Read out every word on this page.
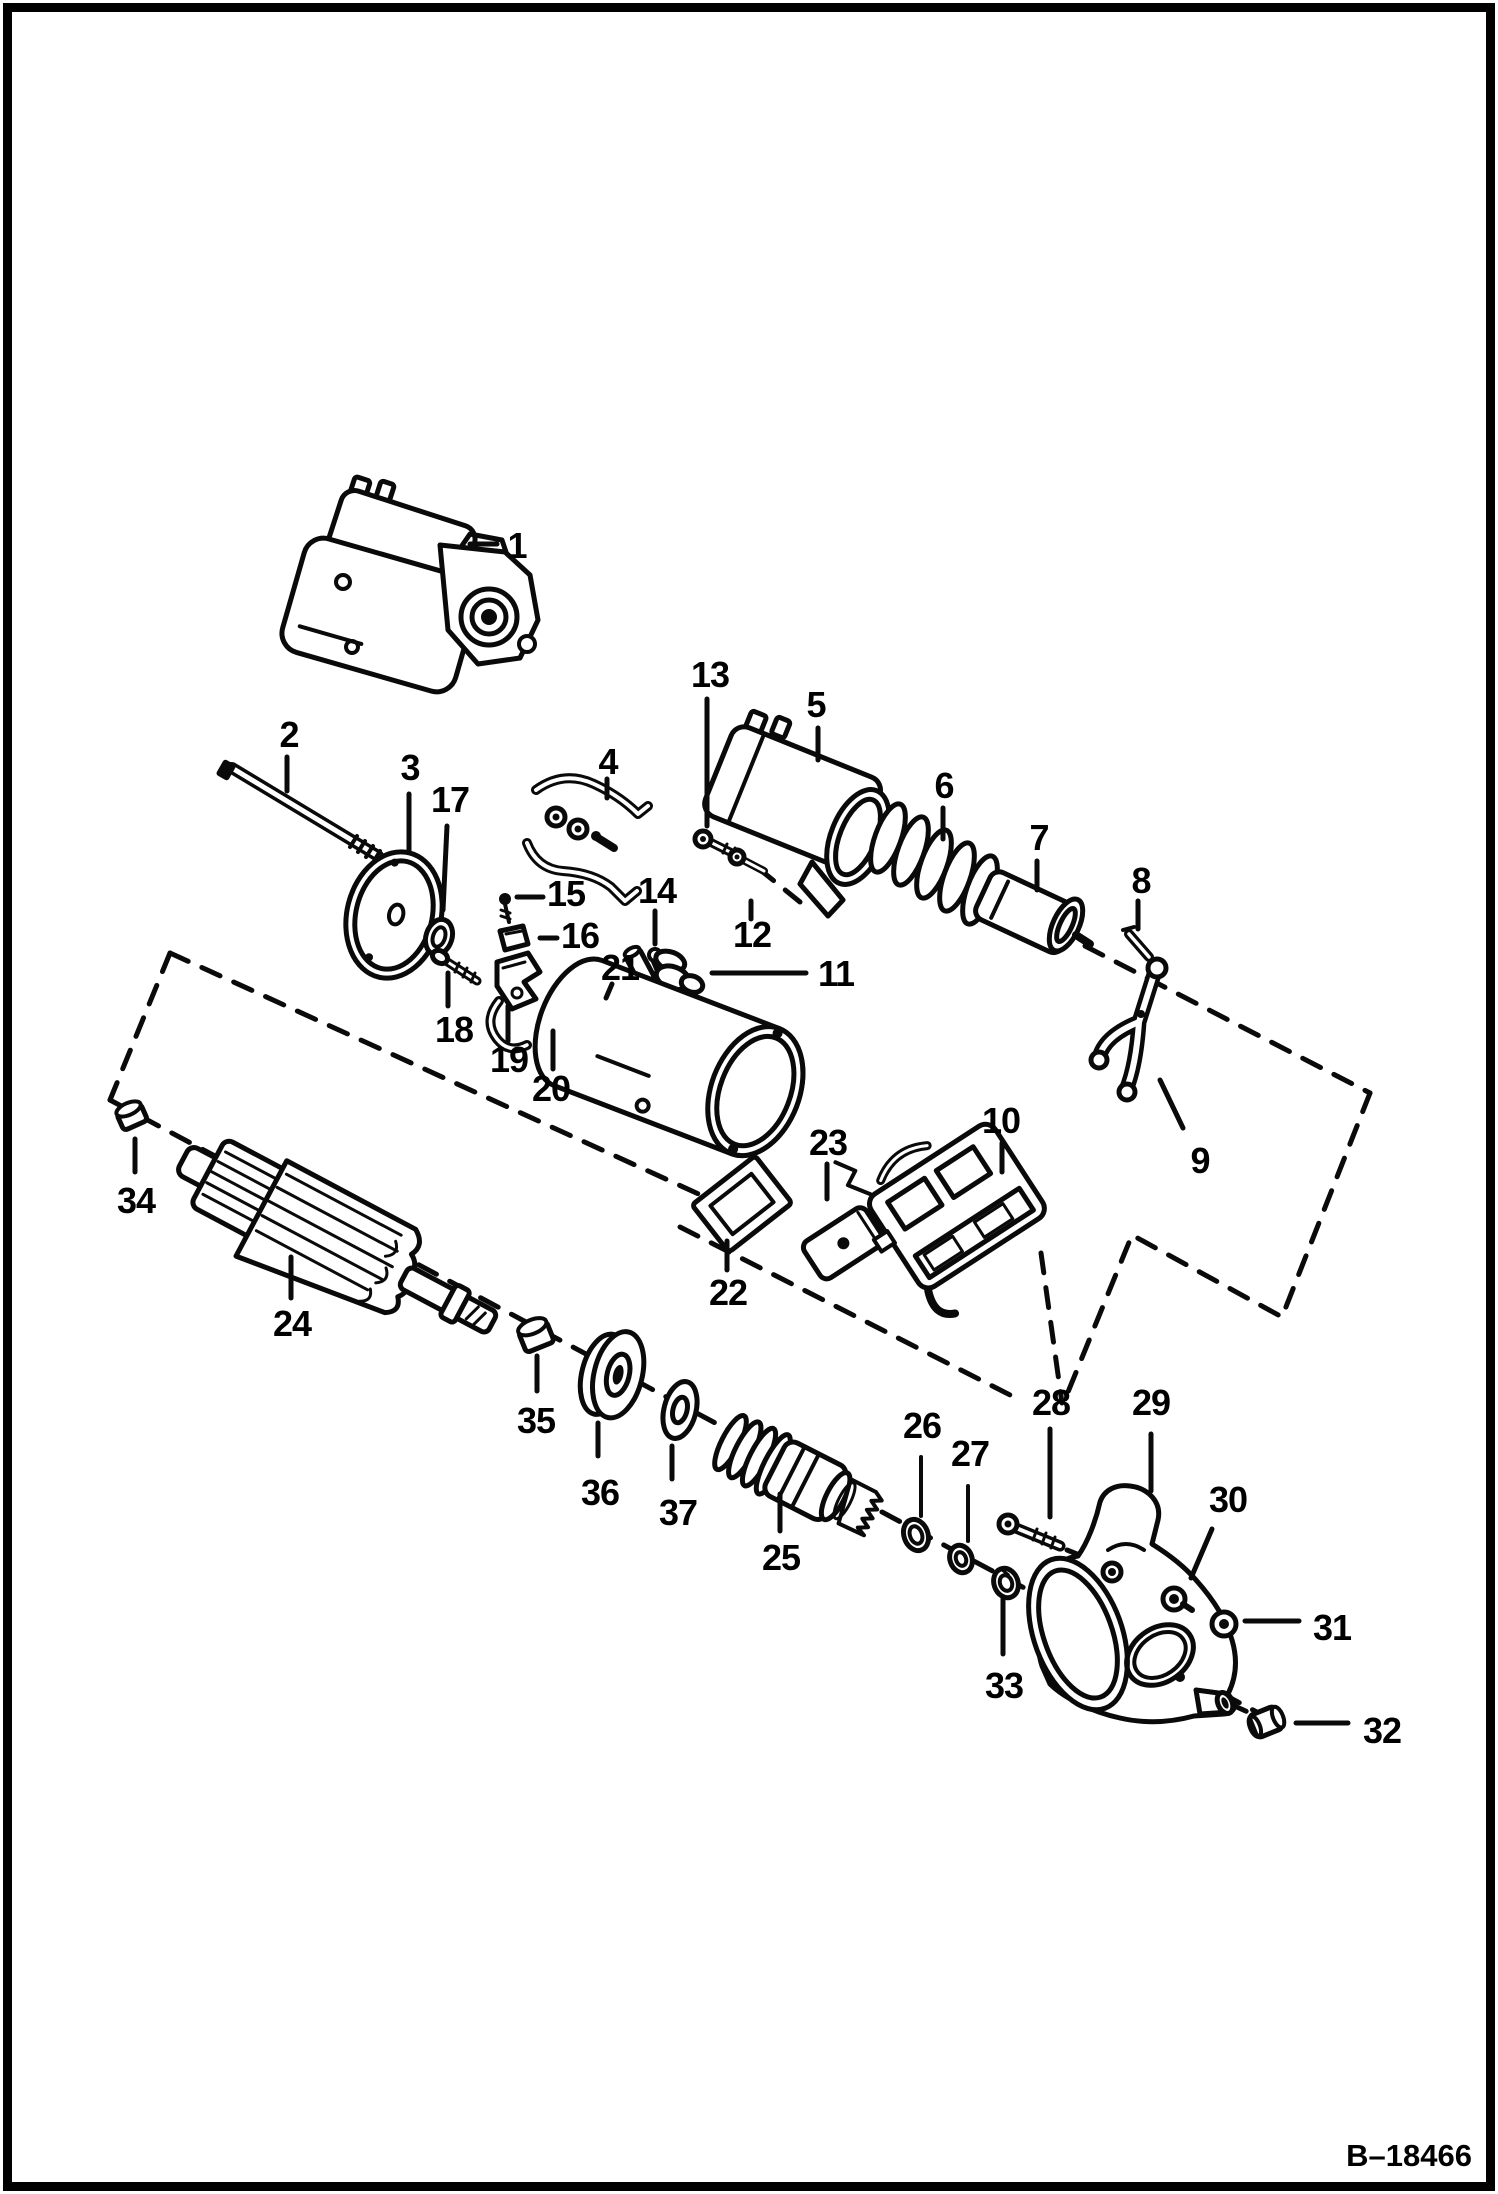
1
2
3	4
5
6
7
8
9
10
11
12
13
14
15
16
17
18
19
20
21
22
23
24
25
26
27
28 29
30
31
32
33
34
35
36 37
B–18466
